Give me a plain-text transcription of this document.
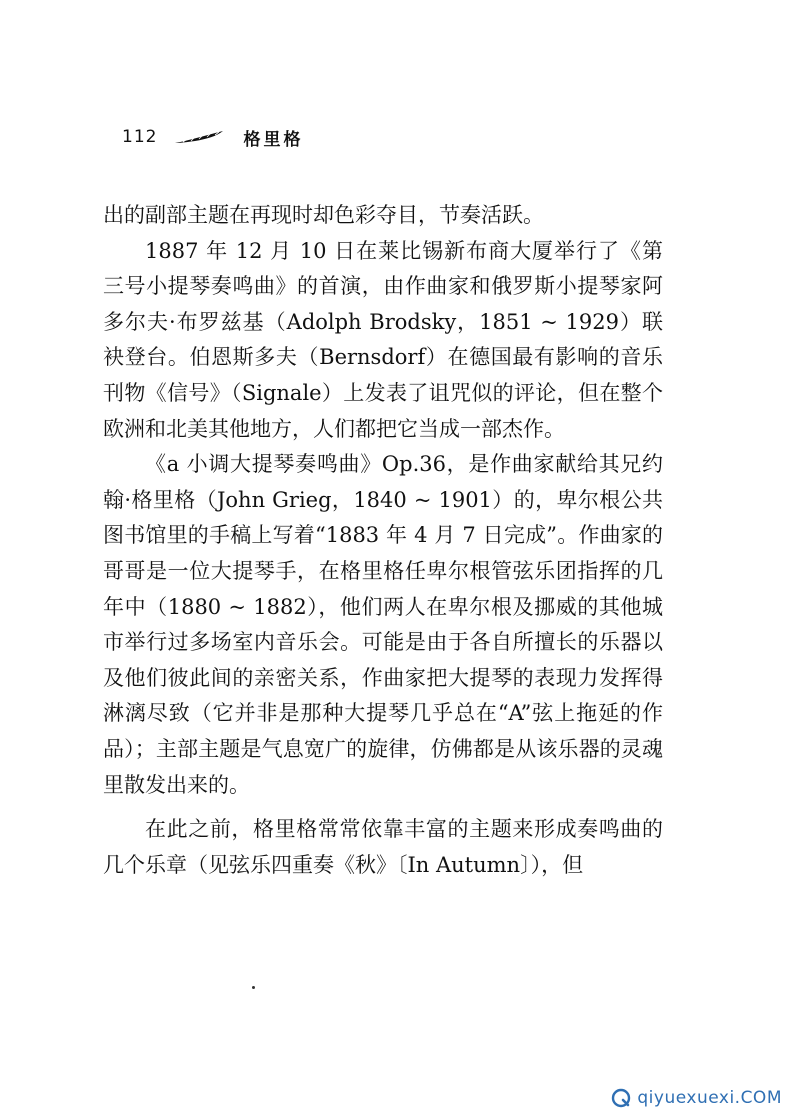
112	格里格

出的副部主题在再现时却色彩夺目，节奏活跃。

1887 年 12 月 10 日在莱比锡新布商大厦举行了《第三号小提琴奏鸣曲》的首演，由作曲家和俄罗斯小提琴家阿多尔夫·布罗兹基（Adolph Brodsky，1851 ~ 1929）联袂登台。伯恩斯多夫（Bernsdorf）在德国最有影响的音乐刊物《信号》（Signale）上发表了诅咒似的评论，但在整个欧洲和北美其他地方，人们都把它当成一部杰作。

《a 小调大提琴奏鸣曲》Op.36，是作曲家献给其兄约翰·格里格（John Grieg，1840 ~ 1901）的，卑尔根公共图书馆里的手稿上写着“1883 年 4 月 7 日完成”。作曲家的哥哥是一位大提琴手，在格里格任卑尔根管弦乐团指挥的几年中（1880 ~ 1882），他们两人在卑尔根及挪威的其他城市举行过多场室内音乐会。可能是由于各自所擅长的乐器以及他们彼此间的亲密关系，作曲家把大提琴的表现力发挥得淋漓尽致（它并非是那种大提琴几乎总在“A”弦上拖延的作品）；主部主题是气息宽广的旋律，仿佛都是从该乐器的灵魂里散发出来的。

在此之前，格里格常常依靠丰富的主题来形成奏鸣曲的几个乐章（见弦乐四重奏《秋》〔In Autumn〕），但

qiyuexuexi.COM
